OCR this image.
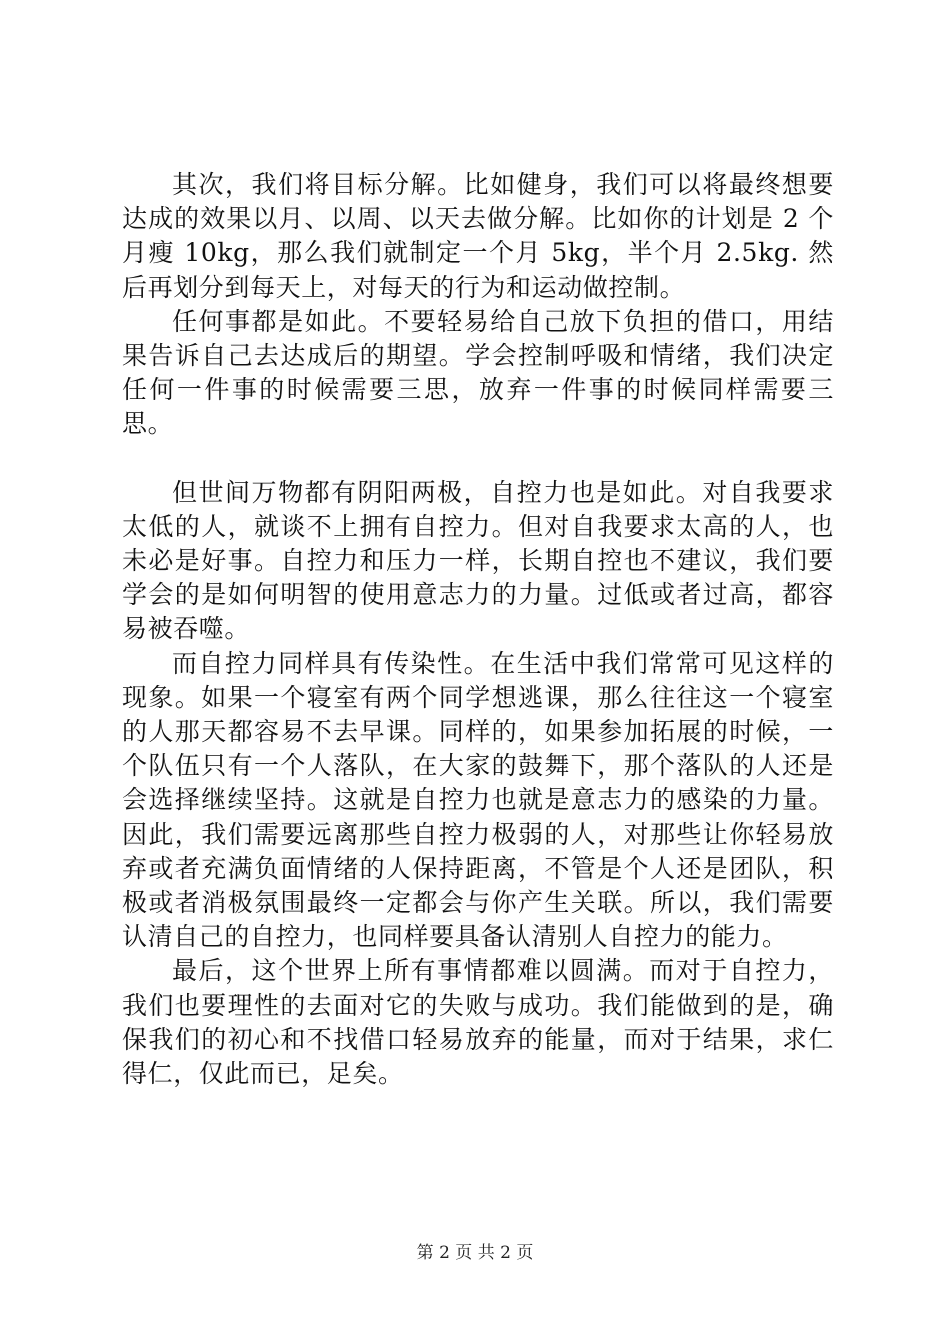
其次，我们将目标分解。比如健身，我们可以将最终想要达成的效果以月、以周、以天去做分解。比如你的计划是 2 个月瘦 10kg，那么我们就制定一个月 5kg，半个月 2.5kg. 然后再划分到每天上，对每天的行为和运动做控制。

任何事都是如此。不要轻易给自己放下负担的借口，用结果告诉自己去达成后的期望。学会控制呼吸和情绪，我们决定任何一件事的时候需要三思，放弃一件事的时候同样需要三思。

但世间万物都有阴阳两极，自控力也是如此。对自我要求太低的人，就谈不上拥有自控力。但对自我要求太高的人，也未必是好事。自控力和压力一样，长期自控也不建议，我们要学会的是如何明智的使用意志力的力量。过低或者过高，都容易被吞噬。

而自控力同样具有传染性。在生活中我们常常可见这样的现象。如果一个寝室有两个同学想逃课，那么往往这一个寝室的人那天都容易不去早课。同样的，如果参加拓展的时候，一个队伍只有一个人落队，在大家的鼓舞下，那个落队的人还是会选择继续坚持。这就是自控力也就是意志力的感染的力量。因此，我们需要远离那些自控力极弱的人，对那些让你轻易放弃或者充满负面情绪的人保持距离，不管是个人还是团队，积极或者消极氛围最终一定都会与你产生关联。所以，我们需要认清自己的自控力，也同样要具备认清别人自控力的能力。

最后，这个世界上所有事情都难以圆满。而对于自控力，我们也要理性的去面对它的失败与成功。我们能做到的是，确保我们的初心和不找借口轻易放弃的能量，而对于结果，求仁得仁，仅此而已，足矣。

第 2 页 共 2 页
